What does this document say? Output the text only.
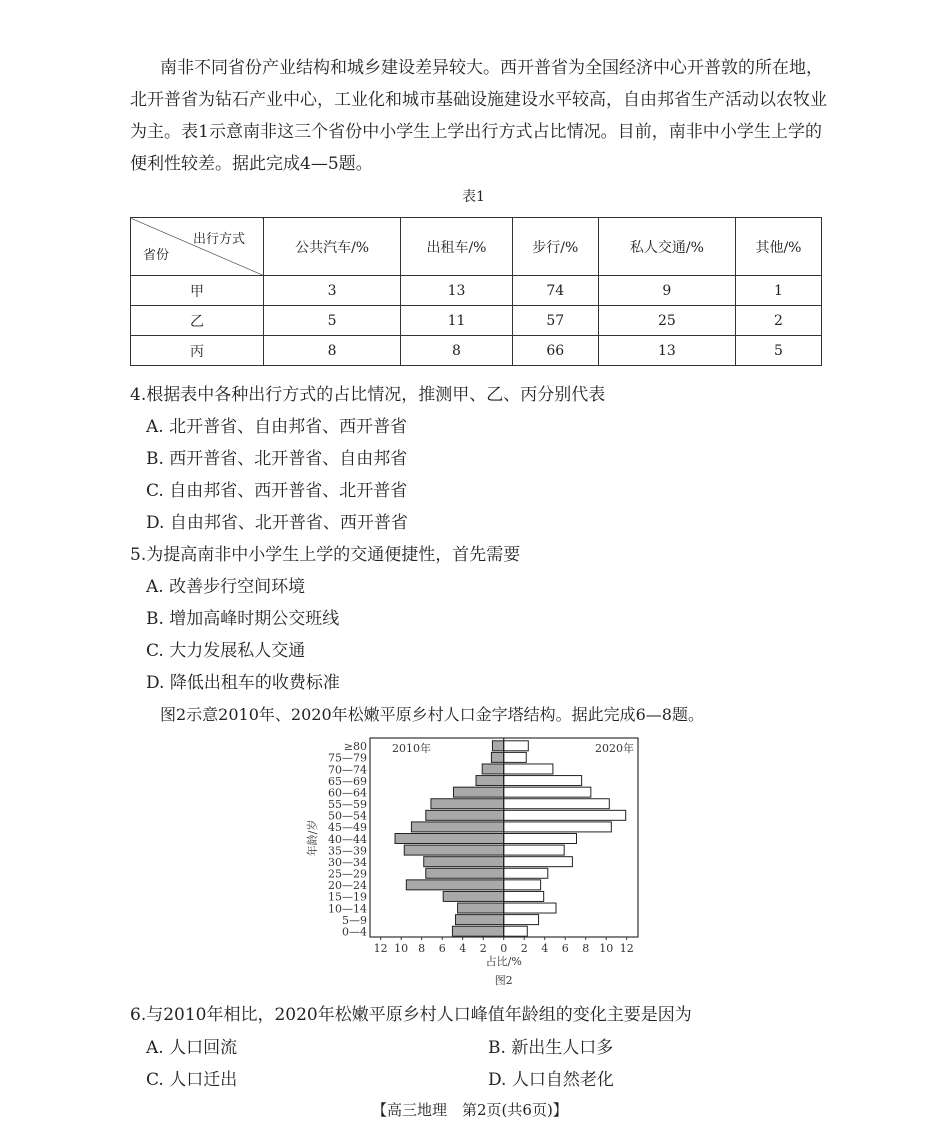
南非不同省份产业结构和城乡建设差异较大。西开普省为全国经济中心开普敦的所在地，
北开普省为钻石产业中心，工业化和城市基础设施建设水平较高，自由邦省生产活动以农牧业
为主。表1示意南非这三个省份中小学生上学出行方式占比情况。目前，南非中小学生上学的
便利性较差。据此完成4—5题。
表1
出行方式
省份	公共汽车/%	出租车/%	步行/%	私人交通/%	其他/%
甲	3	13	74	9	1
乙	5	11	57	25	2
丙	8	8	66	13	5
4.根据表中各种出行方式的占比情况，推测甲、乙、丙分别代表
A. 北开普省、自由邦省、西开普省
B. 西开普省、北开普省、自由邦省
C. 自由邦省、西开普省、北开普省
D. 自由邦省、北开普省、西开普省
5.为提高南非中小学生上学的交通便捷性，首先需要
A. 改善步行空间环境
B. 增加高峰时期公交班线
C. 大力发展私人交通
D. 降低出租车的收费标准
图2示意2010年、2020年松嫩平原乡村人口金字塔结构。据此完成6—8题。
≥80
75—79
70—74
65—69
60—64
55—59
50—54
45—49
40—44
35—39
30—34
25—29
20—24
15—19
10—14
5—9
0—4
12 10 8 6 4 2 0 2 4 6 8 10 12
占比/%
年龄/岁
2010年	2020年
图2
6.与2010年相比，2020年松嫩平原乡村人口峰值年龄组的变化主要是因为
A. 人口回流	B. 新出生人口多
C. 人口迁出	D. 人口自然老化
【高三地理　第2页(共6页)】
